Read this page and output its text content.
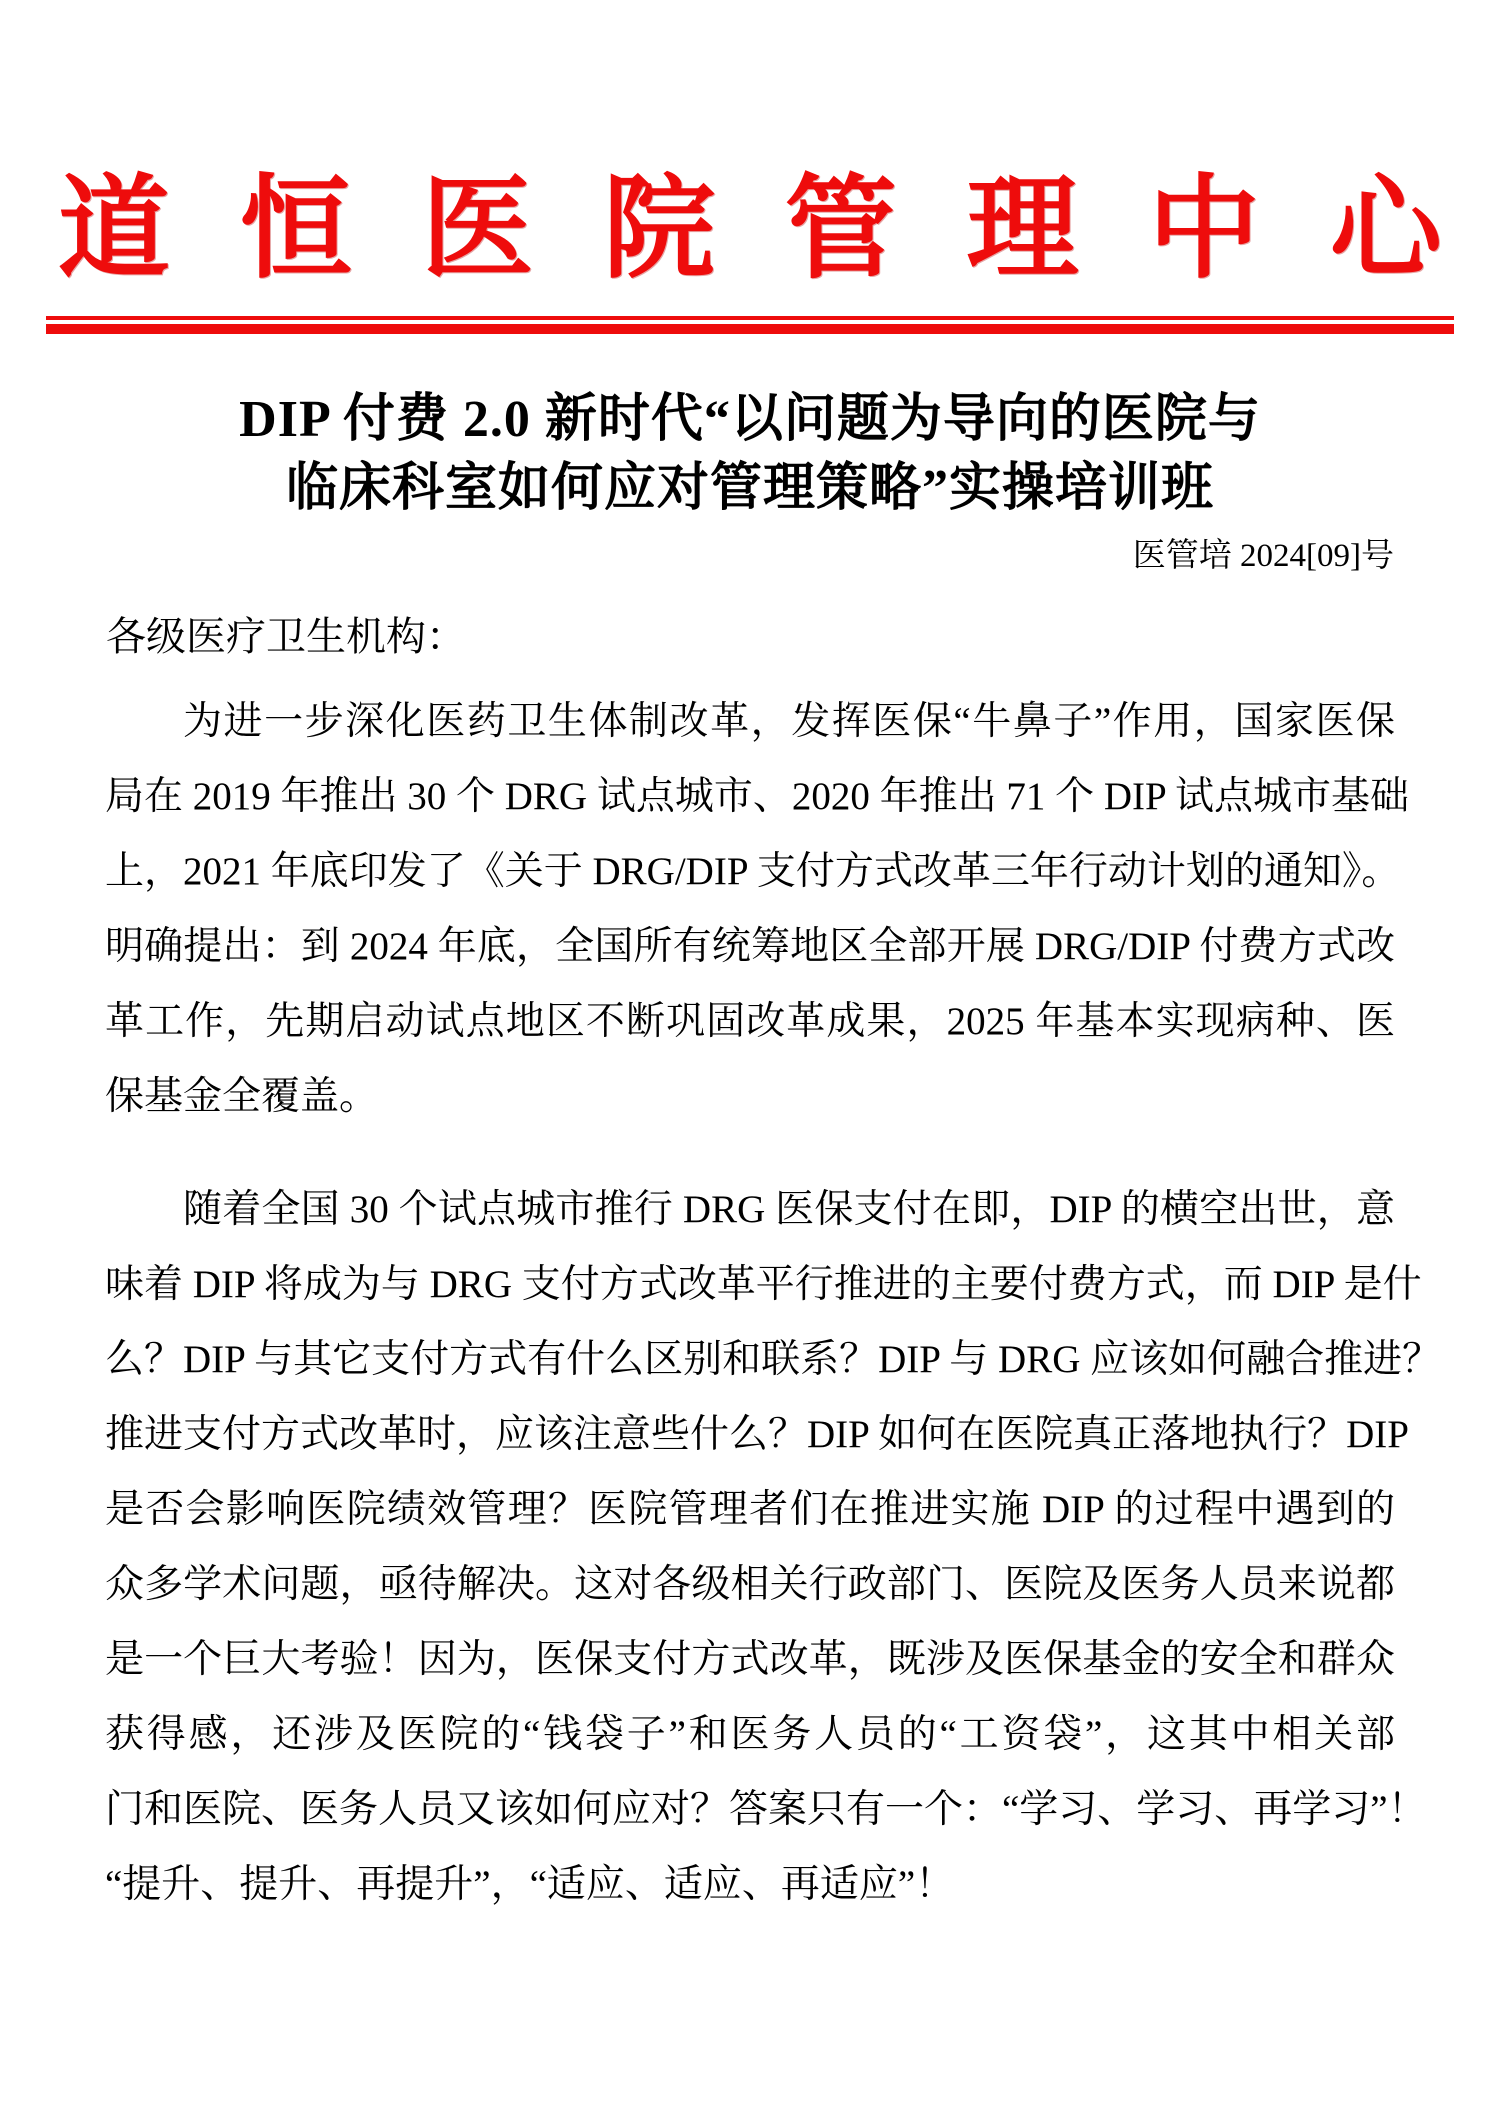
道 恒 医 院 管 理 中 心
DIP 付费 2.0 新时代“以问题为导向的医院与
临床科室如何应对管理策略”实操培训班
医管培 2024[09]号
各级医疗卫生机构：
为进一步深化医药卫生体制改革，发挥医保“牛鼻子”作用，国家医保
局在 2019 年推出 30 个 DRG 试点城市、2020 年推出 71 个 DIP 试点城市基础
上，2021 年底印发了《关于 DRG/DIP 支付方式改革三年行动计划的通知》。
明确提出：到 2024 年底，全国所有统筹地区全部开展 DRG/DIP 付费方式改
革工作，先期启动试点地区不断巩固改革成果，2025 年基本实现病种、医
保基金全覆盖。
随着全国 30 个试点城市推行 DRG 医保支付在即，DIP 的横空出世，意
味着 DIP 将成为与 DRG 支付方式改革平行推进的主要付费方式，而 DIP 是什
么？DIP 与其它支付方式有什么区别和联系？DIP 与 DRG 应该如何融合推进？
推进支付方式改革时，应该注意些什么？DIP 如何在医院真正落地执行？DIP
是否会影响医院绩效管理？医院管理者们在推进实施 DIP 的过程中遇到的
众多学术问题，亟待解决。这对各级相关行政部门、医院及医务人员来说都
是一个巨大考验！因为，医保支付方式改革，既涉及医保基金的安全和群众
获得感，还涉及医院的“钱袋子”和医务人员的“工资袋”，这其中相关部
门和医院、医务人员又该如何应对？答案只有一个：“学习、学习、再学习”！
“提升、提升、再提升”，“适应、适应、再适应”！
